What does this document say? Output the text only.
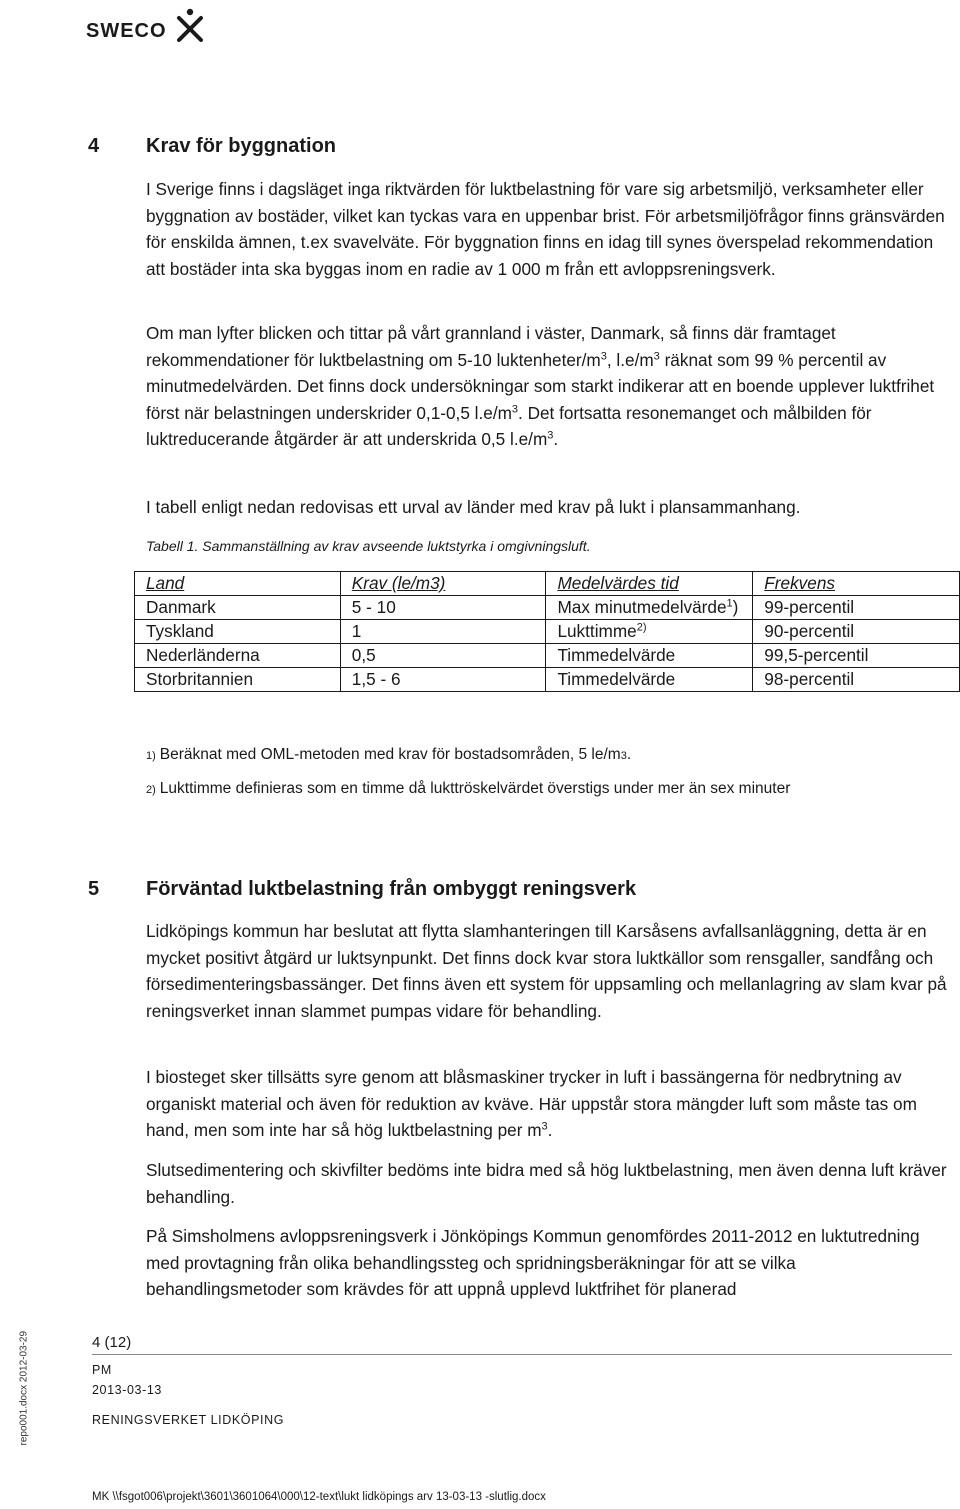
SWECO
4 Krav för byggnation

I Sverige finns i dagsläget inga riktvärden för luktbelastning för vare sig arbetsmiljö, verksamheter eller byggnation av bostäder, vilket kan tyckas vara en uppenbar brist. För arbetsmiljöfrågor finns gränsvärden för enskilda ämnen, t.ex svavelväte. För byggnation finns en idag till synes överspelad rekommendation att bostäder inta ska byggas inom en radie av 1 000 m från ett avloppsreningsverk.

Om man lyfter blicken och tittar på vårt grannland i väster, Danmark, så finns där framtaget rekommendationer för luktbelastning om 5-10 luktenheter/$m^3$, $l.e/m^3$ räknat som 99 % percentil av minutmedelvärden. Det finns dock undersökningar som starkt indikerar att en boende upplever luktfrihet först när belastningen underskrider 0,1-0,5 $l.e/m^3$. Det fortsatta resonemanget och målbilden för luktreducerande åtgärder är att underskrida 0,5 $l.e/m^3$.

I tabell enligt nedan redovisas ett urval av länder med krav på lukt i plansammanhang.

Tabell 1. Sammanställning av krav avseende luktstyrka i omgivningsluft.
Land	Krav (le/m3)	Medelvärdes tid	Frekvens
Danmark	5 - 10	Max minutmedelvärde$^1$)	99-percentil
Tyskland	1	Lukttimme$^{2)}$	90-percentil
Nederländerna	0,5	Timmedelvärde	99,5-percentil
Storbritannien	1,5 - 6	Timmedelvärde	98-percentil
1) Beräknat med OML-metoden med krav för bostadsområden, 5 le/m3.
2) Lukttimme definieras som en timme då lukttröskelvärdet överstigs under mer än sex minuter
5 Förväntad luktbelastning från ombyggt reningsverk

Lidköpings kommun har beslutat att flytta slamhanteringen till Karsåsens avfallsanläggning, detta är en mycket positivt åtgärd ur luktsynpunkt. Det finns dock kvar stora luktkällor som rensgaller, sandfång och försedimenteringsbassänger. Det finns även ett system för uppsamling och mellanlagring av slam kvar på reningsverket innan slammet pumpas vidare för behandling.

I biosteget sker tillsätts syre genom att blåsmaskiner trycker in luft i bassängerna för nedbrytning av organiskt material och även för reduktion av kväve. Här uppstår stora mängder luft som måste tas om hand, men som inte har så hög luktbelastning per $m^3$.

Slutsedimentering och skivfilter bedöms inte bidra med så hög luktbelastning, men även denna luft kräver behandling.

På Simsholmens avloppsreningsverk i Jönköpings Kommun genomfördes 2011-2012 en luktutredning med provtagning från olika behandlingssteg och spridningsberäkningar för att se vilka behandlingsmetoder som krävdes för att uppnå upplevd luktfrihet för planerad

4 (12)
PM
2013-03-13
RENINGSVERKET LIDKÖPING
repo001.docx 2012-03-29
MK \\fsgot006\projekt\3601\3601064\000\12-text\lukt lidköpings arv 13-03-13 -slutlig.docx
